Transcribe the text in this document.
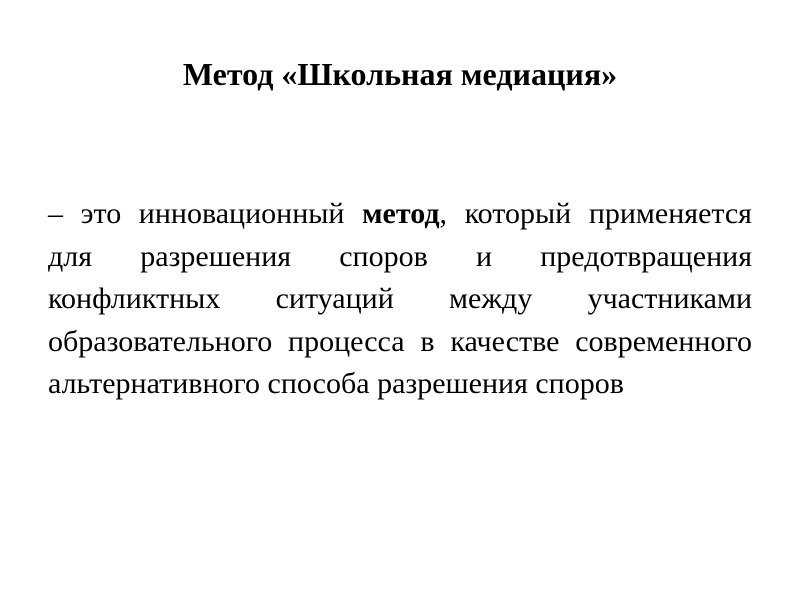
Метод «Школьная медиация»

– это инновационный метод, который применяется для разрешения споров и предотвращения конфликтных ситуаций между участниками образовательного процесса в качестве современного альтернативного способа разрешения споров
